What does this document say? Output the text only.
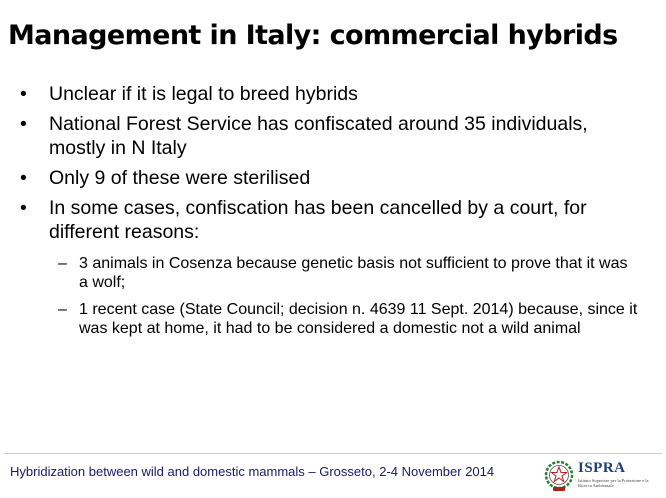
Management in Italy: commercial hybrids
• Unclear if it is legal to breed hybrids
• National Forest Service has confiscated around 35 individuals, mostly in N Italy
• Only 9 of these were sterilised
• In some cases, confiscation has been cancelled by a court, for different reasons:
– 3 animals in Cosenza because genetic basis not sufficient to prove that it was a wolf;
– 1 recent case (State Council; decision n. 4639 11 Sept. 2014) because, since it was kept at home, it had to be considered a domestic not a wild animal
Hybridization between wild and domestic mammals – Grosseto, 2-4 November 2014	ISPRA
Istituto Superiore per la Protezione e la Ricerca Ambientale
